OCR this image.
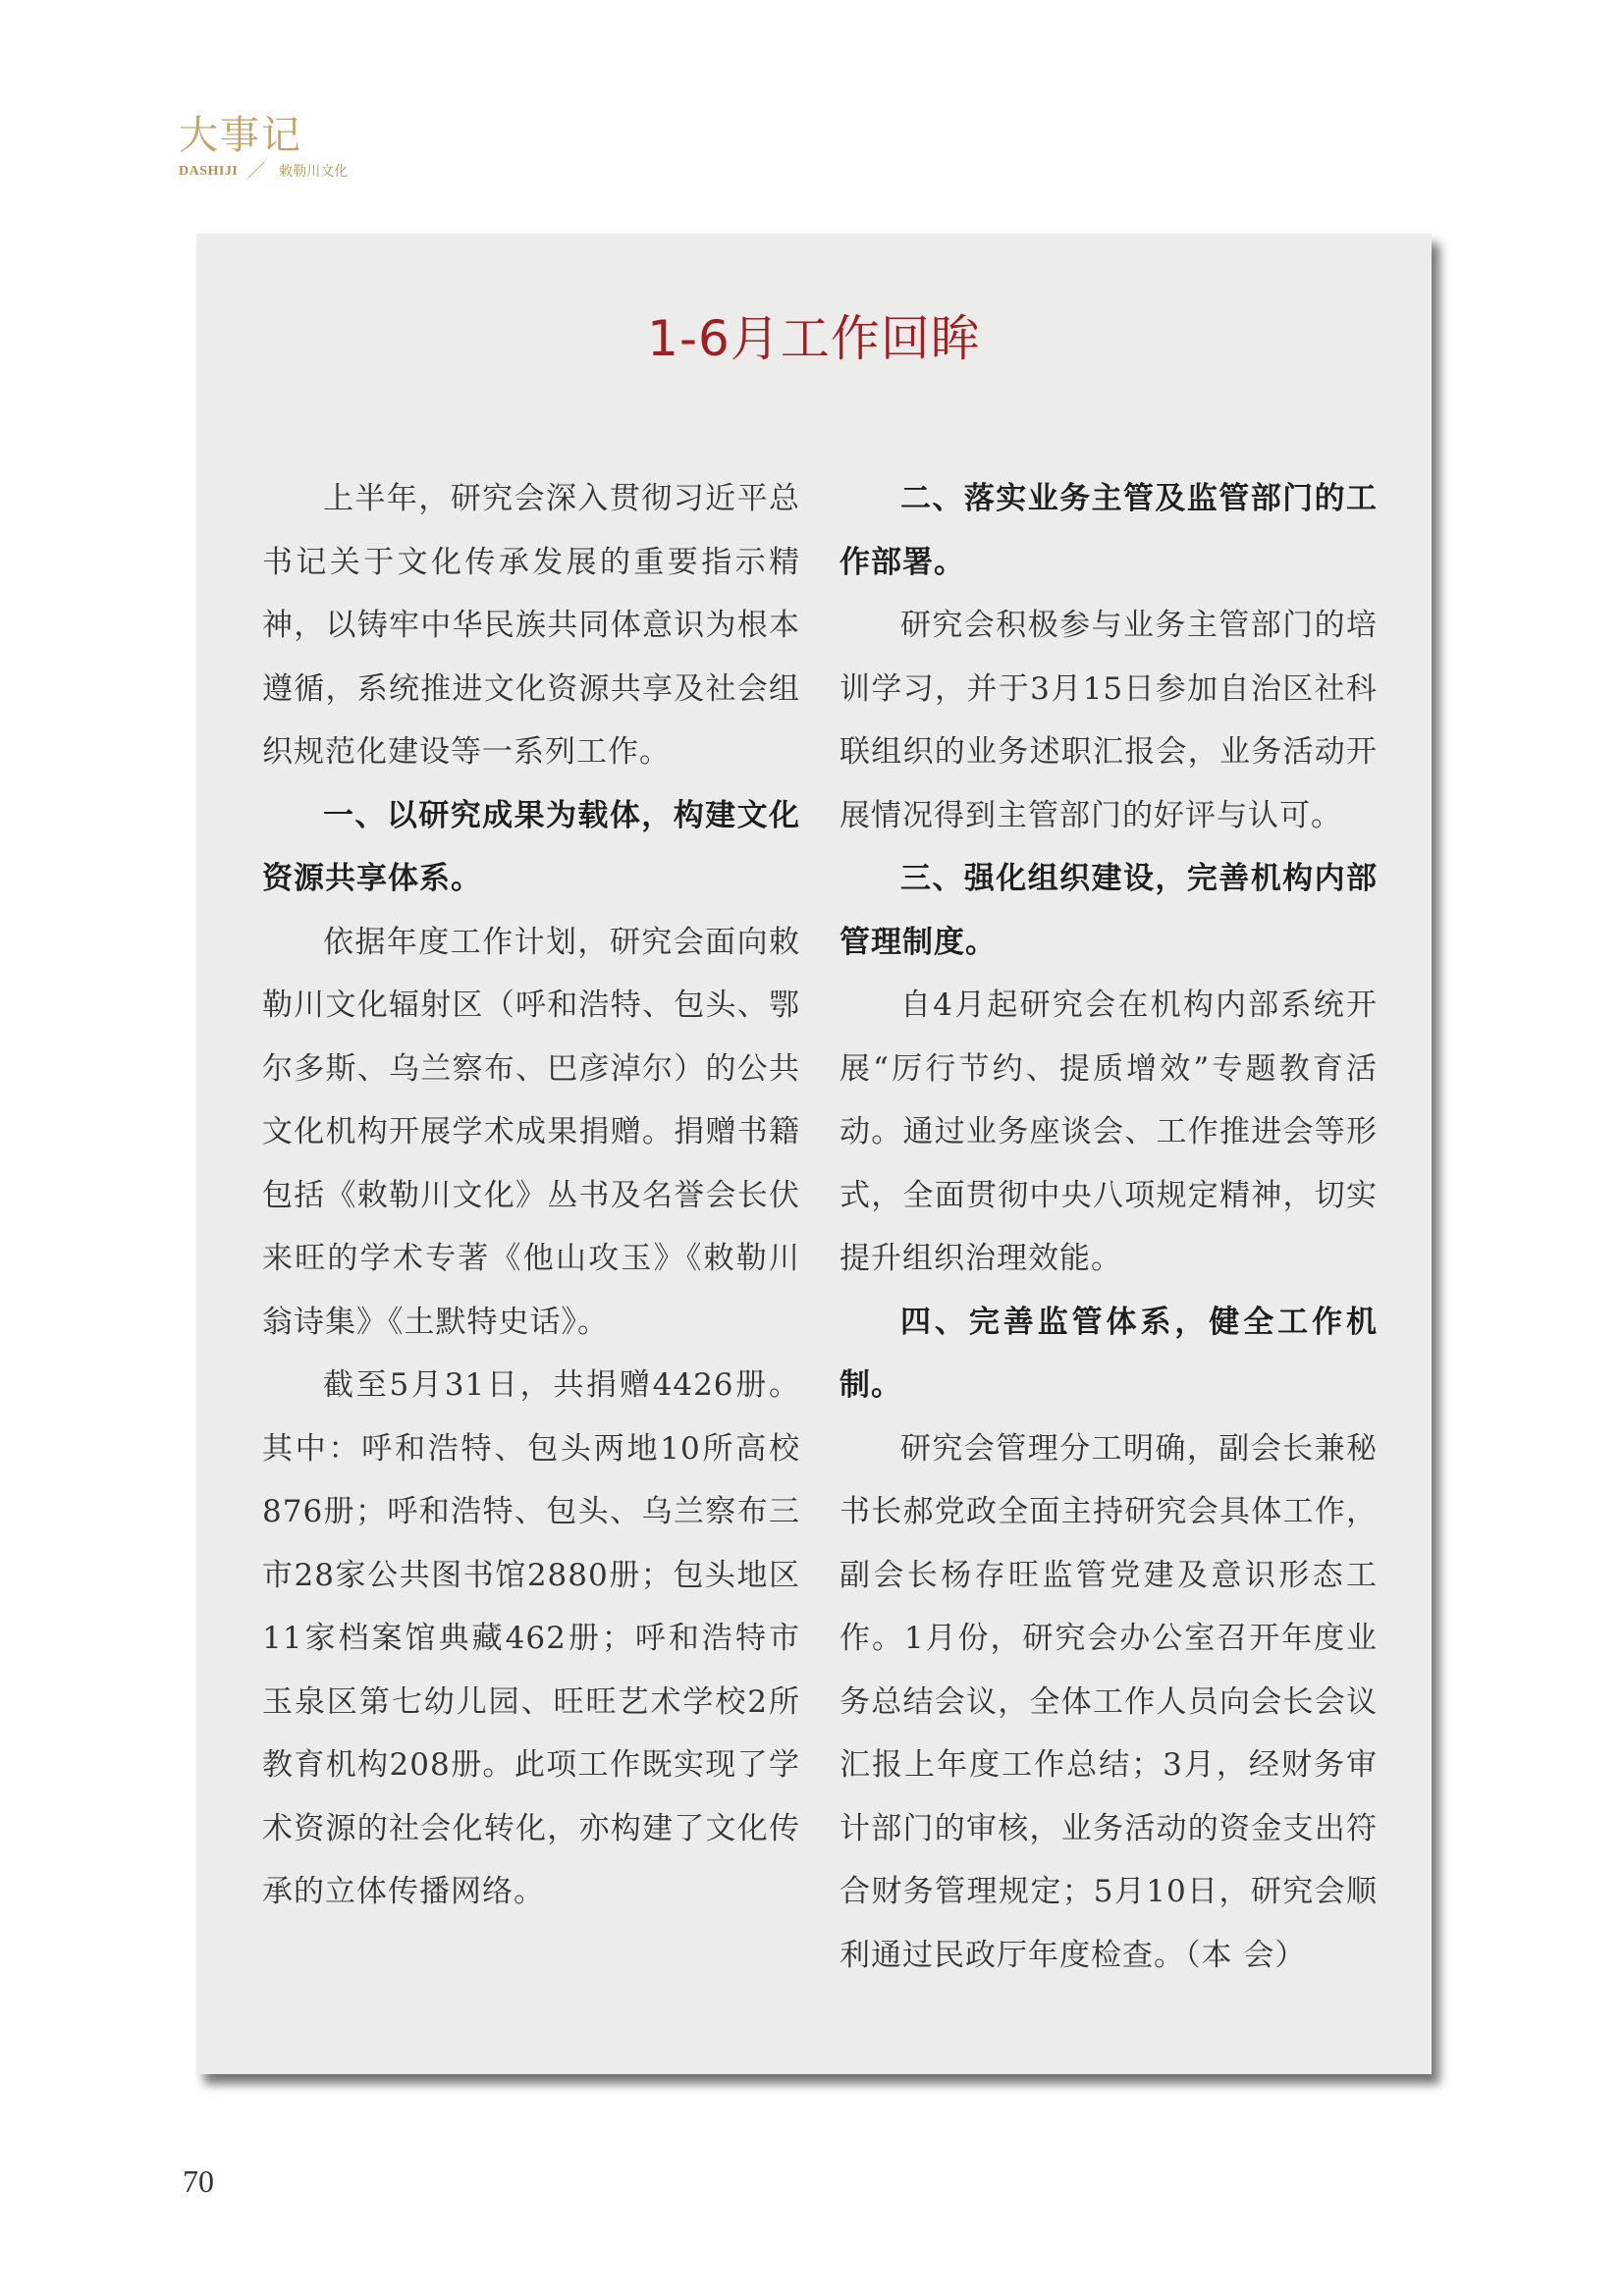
大事记
DASHIJI ／ 敕勒川文化
1-6月工作回眸

上半年，研究会深入贯彻习近平总书记关于文化传承发展的重要指示精神，以铸牢中华民族共同体意识为根本遵循，系统推进文化资源共享及社会组织规范化建设等一系列工作。

一、以研究成果为载体，构建文化资源共享体系。

依据年度工作计划，研究会面向敕勒川文化辐射区（呼和浩特、包头、鄂尔多斯、乌兰察布、巴彦淖尔）的公共文化机构开展学术成果捐赠。捐赠书籍包括《敕勒川文化》丛书及名誉会长伏来旺的学术专著《他山攻玉》《敕勒川翁诗集》《土默特史话》。

截至5月31日，共捐赠4426册。其中：呼和浩特、包头两地10所高校876册；呼和浩特、包头、乌兰察布三市28家公共图书馆2880册；包头地区11家档案馆典藏462册；呼和浩特市玉泉区第七幼儿园、旺旺艺术学校2所教育机构208册。此项工作既实现了学术资源的社会化转化，亦构建了文化传承的立体传播网络。

二、落实业务主管及监管部门的工作部署。

研究会积极参与业务主管部门的培训学习，并于3月15日参加自治区社科联组织的业务述职汇报会，业务活动开展情况得到主管部门的好评与认可。

三、强化组织建设，完善机构内部管理制度。

自4月起研究会在机构内部系统开展“厉行节约、提质增效”专题教育活动。通过业务座谈会、工作推进会等形式，全面贯彻中央八项规定精神，切实提升组织治理效能。

四、完善监管体系，健全工作机制。

研究会管理分工明确，副会长兼秘书长郝党政全面主持研究会具体工作，副会长杨存旺监管党建及意识形态工作。1月份，研究会办公室召开年度业务总结会议，全体工作人员向会长会议汇报上年度工作总结；3月，经财务审计部门的审核，业务活动的资金支出符合财务管理规定；5月10日，研究会顺利通过民政厅年度检查。（本 会）

70
